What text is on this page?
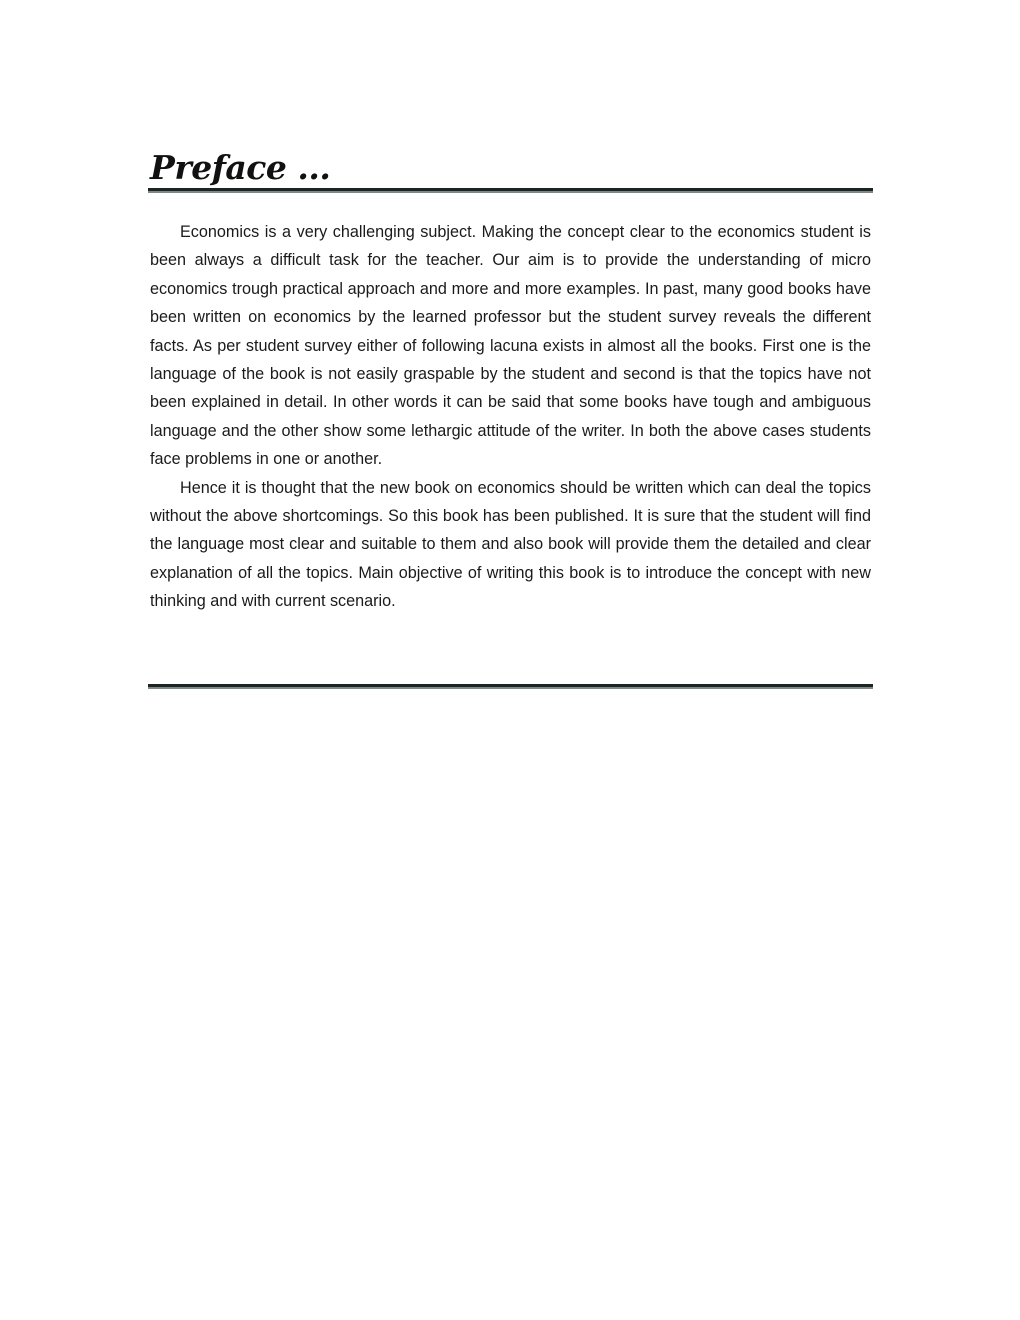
Preface ...

Economics is a very challenging subject. Making the concept clear to the economics student is been always a difficult task for the teacher. Our aim is to provide the understanding of micro economics trough practical approach and more and more examples. In past, many good books have been written on economics by the learned professor but the student survey reveals the different facts. As per student survey either of following lacuna exists in almost all the books. First one is the language of the book is not easily graspable by the student and second is that the topics have not been explained in detail. In other words it can be said that some books have tough and ambiguous language and the other show some lethargic attitude of the writer. In both the above cases students face problems in one or another.

Hence it is thought that the new book on economics should be written which can deal the topics without the above shortcomings. So this book has been published. It is sure that the student will find the language most clear and suitable to them and also book will provide them the detailed and clear explanation of all the topics. Main objective of writing this book is to introduce the concept with new thinking and with current scenario.
